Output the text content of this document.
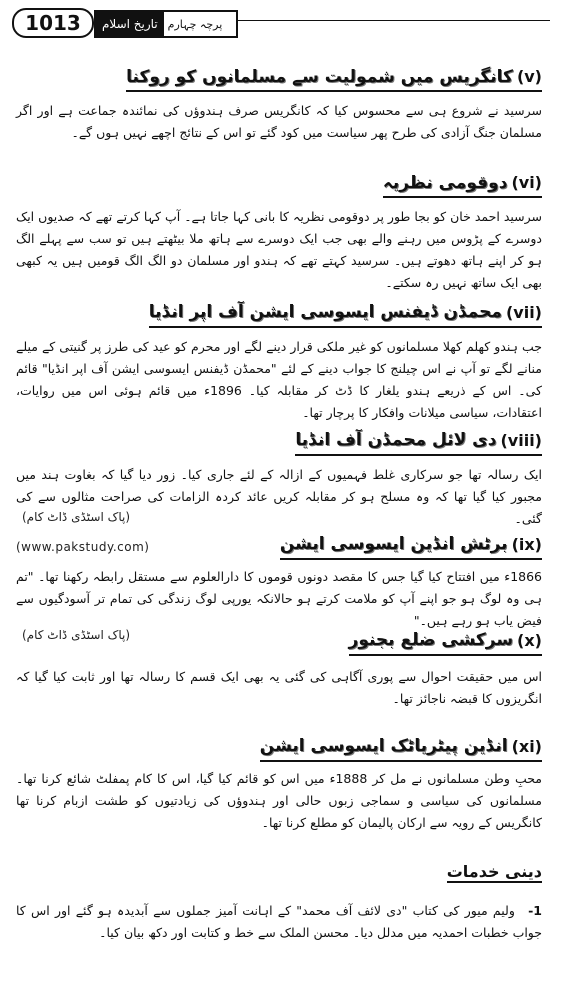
1013	تاریخ اسلام پرچہ چہارم
(v)
کانگریس میں شمولیت سے مسلمانوں کو روکنا
سرسید نے شروع ہی سے محسوس کیا کہ کانگریس صرف ہندوؤں کی نمائندہ جماعت ہے اور اگر مسلمان جنگ آزادی کی طرح پھر سیاست میں کود گئے تو اس کے نتائج اچھے نہیں ہوں گے۔
(vi)
دوقومی نظریہ
سرسید احمد خان کو بجا طور پر دوقومی نظریہ کا بانی کہا جاتا ہے۔ آپ کہا کرتے تھے کہ صدیوں ایک دوسرے کے پڑوس میں رہنے والے بھی جب ایک دوسرے سے ہاتھ ملا بیٹھتے ہیں تو سب سے پہلے الگ ہو کر اپنے ہاتھ دھوتے ہیں۔ سرسید کہتے تھے کہ ہندو اور مسلمان دو الگ الگ قومیں ہیں یہ کبھی بھی ایک ساتھ نہیں رہ سکتے۔
(vii)
محمڈن ڈیفنس ایسوسی ایشن آف اپر انڈیا
جب ہندو کھلم کھلا مسلمانوں کو غیر ملکی قرار دینے لگے اور محرم کو عید کی طرز پر گنیتی کے میلے منانے لگے تو آپ نے اس چیلنج کا جواب دینے کے لئے "محمڈن ڈیفنس ایسوسی ایشن آف اپر انڈیا" قائم کی۔ اس کے ذریعے ہندو یلغار کا ڈٹ کر مقابلہ کیا۔ 1896ء میں قائم ہوئی اس میں روایات، اعتقادات، سیاسی میلانات وافکار کا پرچار تھا۔
(viii)
دی لائل محمڈن آف انڈیا
ایک رسالہ تھا جو سرکاری غلط فہمیوں کے ازالہ کے لئے جاری کیا۔ زور دیا گیا کہ بغاوت ہند میں مجبور کیا گیا تھا کہ وہ مسلح ہو کر مقابلہ کریں عائد کردہ الزامات کی صراحت مثالوں سے کی گئی۔
(پاک اسٹڈی ڈاٹ کام)
(www.pakstudy.com)	(ix)
برٹش انڈین ایسوسی ایشن
1866ء میں افتتاح کیا گیا جس کا مقصد دونوں قوموں کا دارالعلوم سے مستقل رابطہ رکھنا تھا۔ "تم ہی وہ لوگ ہو جو اپنے آپ کو ملامت کرتے ہو حالانکہ یورپی لوگ زندگی کی تمام تر آسودگیوں سے فیض یاب ہو رہے ہیں۔"
(پاک اسٹڈی ڈاٹ کام)	(x)
سرکشی ضلع بجنور
اس میں حقیقت احوال سے پوری آگاہی کی گئی یہ بھی ایک قسم کا رسالہ تھا اور ثابت کیا گیا کہ انگریزوں کا قبضہ ناجائز تھا۔
(xi)
انڈین پیٹریاٹک ایسوسی ایشن
محبِ وطن مسلمانوں نے مل کر 1888ء میں اس کو قائم کیا گیا، اس کا کام پمفلٹ شائع کرنا تھا۔ مسلمانوں کی سیاسی و سماجی زبوں حالی اور ہندوؤں کی زیادتیوں کو طشت ازبام کرنا تھا کانگریس کے رویہ سے ارکان پالیمان کو مطلع کرنا تھا۔
دینی خدمات
-1 ولیم میور کی کتاب "دی لائف آف محمد" کے اہانت آمیز جملوں سے آبدیدہ ہو گئے اور اس کا جواب خطبات احمدیہ میں مدلل دیا۔ محسن الملک سے خط و کتابت اور دکھ بیان کیا۔
